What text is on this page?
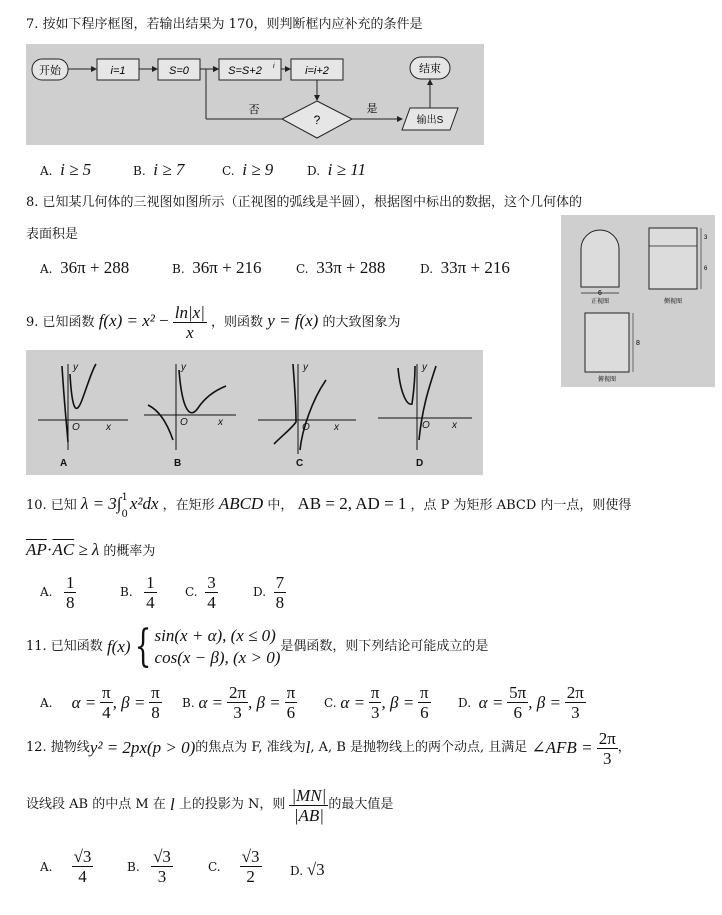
7. 按如下程序框图，若输出结果为 170，则判断框内应补充的条件是
开始	i=1	S=0	S=S+2 i	i=i+2
?
否	是
输出S
结束
A. i ≥ 5	B. i ≥ 7	C. i ≥ 9	D. i ≥ 11
8. 已知某几何体的三视图如图所示（正视图的弧线是半圆），根据图中标出的数据，这个几何体的
表面积是
A. 36π + 288	B. 36π + 216	C. 33π + 288	D. 33π + 216
6
正视图
3
6
侧视图
8
俯视图
9. 已知函数 $f(x) = x^2 - \frac{\ln|x|}{x}$ ，则函数 y = f(x) 的大致图象为
y
x
O
A
y
x
O
B
y
x
O
C
y
x
O
D
10. 已知 λ = 3∫ 1
0
x²dx ，在矩形 ABCD 中， AB = 2, AD = 1 ，点 P 为矩形 ABCD 内一点，则使得
$\overline{AP}\cdot\overline{AC} \ge \lambda$ 的概率为
A. $\frac{1}{8}$	B. $\frac{1}{4} C$. $\frac{3}{4}$	D. $\frac{7}{8}$
11. 已知函数
f(x) { sin(x + α), (x ≤ 0)
cos(x − β), (x > 0)
是偶函数，则下列结论可能成立的是
A.
α =
$\frac{\pi}{4}$ , β =
$\frac{\pi}{8} B$.
α =
$\frac{2\pi}{3}$ , β =
$\frac{\pi}{6} C$.
α =
$\frac{\pi}{3}$ , β =
$\frac{\pi}{6} D$.
α =
$\frac{5\pi}{6}$ , β =
$\frac{2\pi}{3}$
12. 抛物线 y² = 2px(p > 0) 的焦点为 F, 准线为 l , A, B 是抛物线上的两个动点, 且满足
∠AFB =
$\frac{2\pi}{3}$ ，
设线段 AB 的中点 M 在
l
上的投影为 N，则
$\frac{|MN|}{|AB|}$ 的最大值是
A.
$\frac{√3}{4}$	B.
$\frac{√3}{3}$	C.
$\frac{√3}{2} D$. √3
